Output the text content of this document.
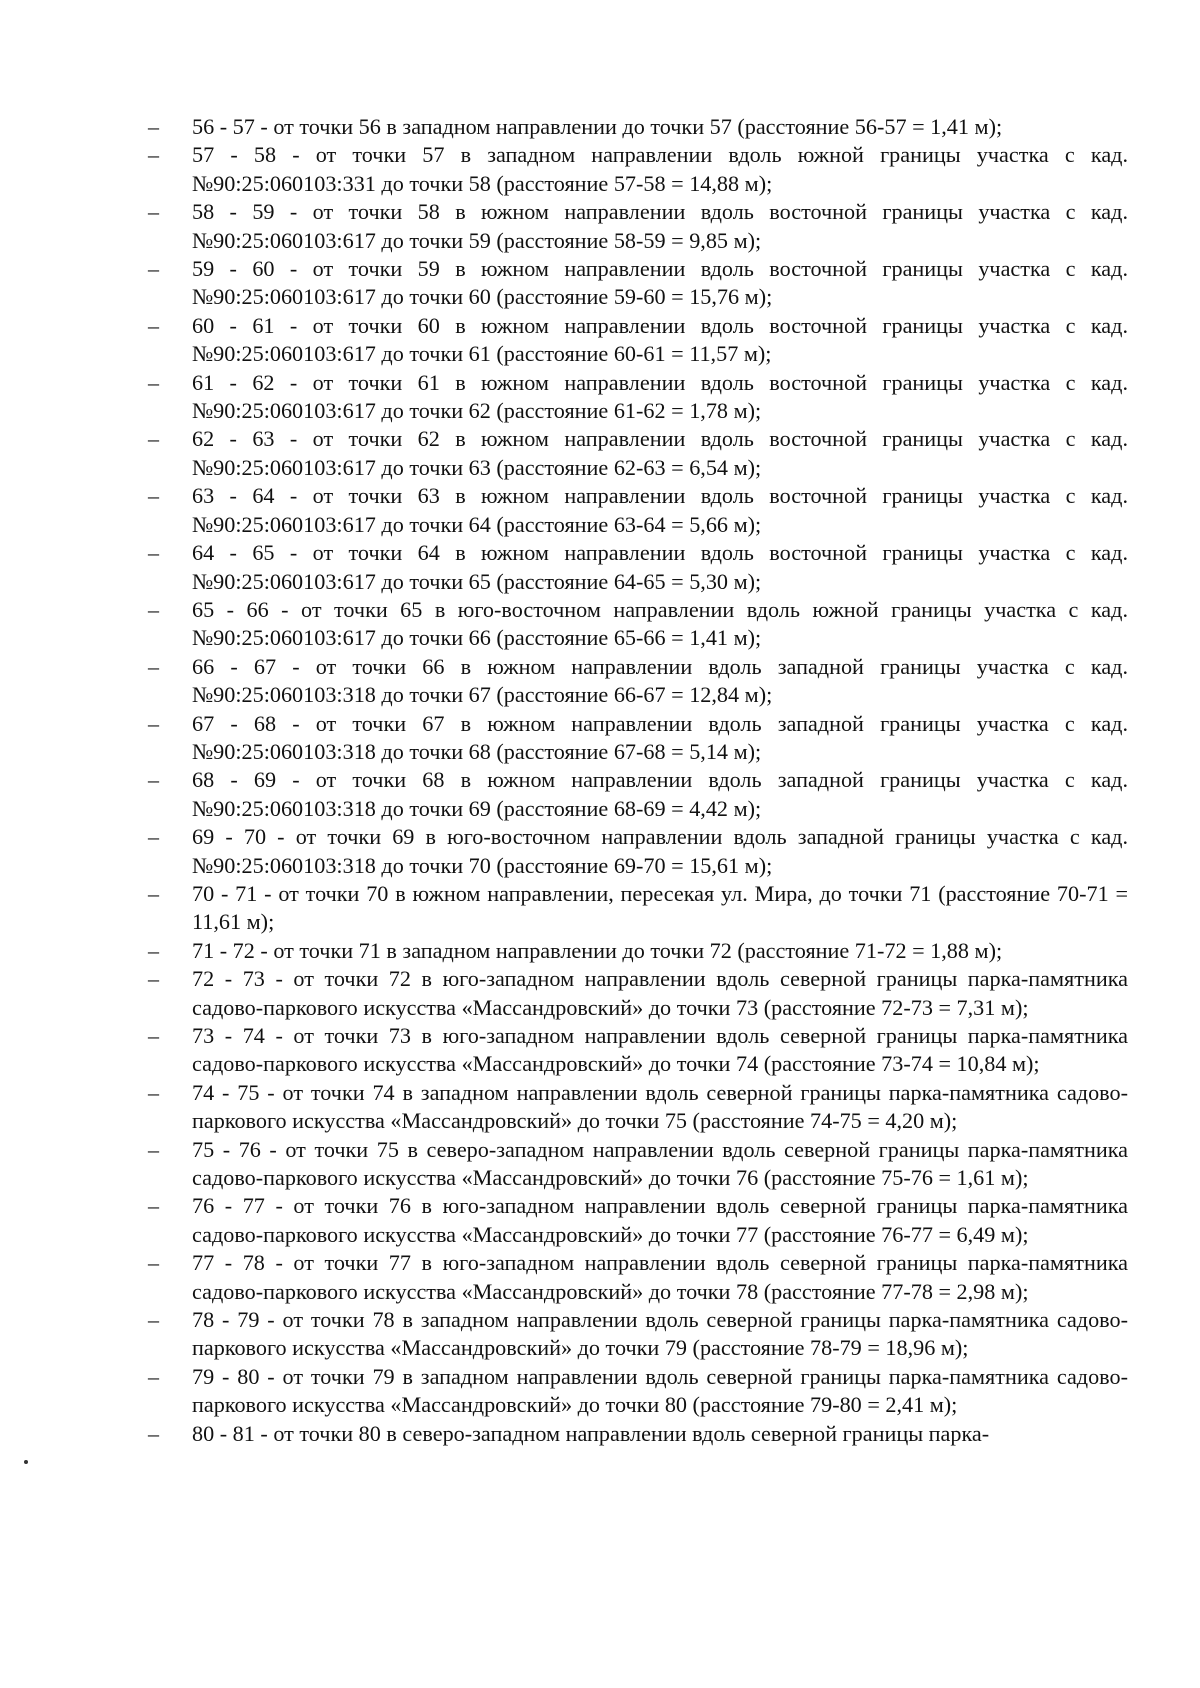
–	56 - 57 - от точки 56 в западном направлении до точки 57 (расстояние 56-57 = 1,41 м);
–	57 - 58 - от точки 57 в западном направлении вдоль южной границы участка с кад. №90:25:060103:331 до точки 58 (расстояние 57-58 = 14,88 м);
–	58 - 59 - от точки 58 в южном направлении вдоль восточной границы участка с кад. №90:25:060103:617 до точки 59 (расстояние 58-59 = 9,85 м);
–	59 - 60 - от точки 59 в южном направлении вдоль восточной границы участка с кад. №90:25:060103:617 до точки 60 (расстояние 59-60 = 15,76 м);
–	60 - 61 - от точки 60 в южном направлении вдоль восточной границы участка с кад. №90:25:060103:617 до точки 61 (расстояние 60-61 = 11,57 м);
–	61 - 62 - от точки 61 в южном направлении вдоль восточной границы участка с кад. №90:25:060103:617 до точки 62 (расстояние 61-62 = 1,78 м);
–	62 - 63 - от точки 62 в южном направлении вдоль восточной границы участка с кад. №90:25:060103:617 до точки 63 (расстояние 62-63 = 6,54 м);
–	63 - 64 - от точки 63 в южном направлении вдоль восточной границы участка с кад. №90:25:060103:617 до точки 64 (расстояние 63-64 = 5,66 м);
–	64 - 65 - от точки 64 в южном направлении вдоль восточной границы участка с кад. №90:25:060103:617 до точки 65 (расстояние 64-65 = 5,30 м);
–	65 - 66 - от точки 65 в юго-восточном направлении вдоль южной границы участка с кад. №90:25:060103:617 до точки 66 (расстояние 65-66 = 1,41 м);
–	66 - 67 - от точки 66 в южном направлении вдоль западной границы участка с кад. №90:25:060103:318 до точки 67 (расстояние 66-67 = 12,84 м);
–	67 - 68 - от точки 67 в южном направлении вдоль западной границы участка с кад. №90:25:060103:318 до точки 68 (расстояние 67-68 = 5,14 м);
–	68 - 69 - от точки 68 в южном направлении вдоль западной границы участка с кад. №90:25:060103:318 до точки 69 (расстояние 68-69 = 4,42 м);
–	69 - 70 - от точки 69 в юго-восточном направлении вдоль западной границы участка с кад. №90:25:060103:318 до точки 70 (расстояние 69-70 = 15,61 м);
–	70 - 71 - от точки 70 в южном направлении, пересекая ул. Мира, до точки 71 (расстояние 70-71 = 11,61 м);
–	71 - 72 - от точки 71 в западном направлении до точки 72 (расстояние 71-72 = 1,88 м);
–	72 - 73 - от точки 72 в юго-западном направлении вдоль северной границы парка-памятника садово-паркового искусства «Массандровский» до точки 73 (расстояние 72-73 = 7,31 м);
–	73 - 74 - от точки 73 в юго-западном направлении вдоль северной границы парка-памятника садово-паркового искусства «Массандровский» до точки 74 (расстояние 73-74 = 10,84 м);
–	74 - 75 - от точки 74 в западном направлении вдоль северной границы парка-памятника садово-паркового искусства «Массандровский» до точки 75 (расстояние 74-75 = 4,20 м);
–	75 - 76 - от точки 75 в северо-западном направлении вдоль северной границы парка-памятника садово-паркового искусства «Массандровский» до точки 76 (расстояние 75-76 = 1,61 м);
–	76 - 77 - от точки 76 в юго-западном направлении вдоль северной границы парка-памятника садово-паркового искусства «Массандровский» до точки 77 (расстояние 76-77 = 6,49 м);
–	77 - 78 - от точки 77 в юго-западном направлении вдоль северной границы парка-памятника садово-паркового искусства «Массандровский» до точки 78 (расстояние 77-78 = 2,98 м);
–	78 - 79 - от точки 78 в западном направлении вдоль северной границы парка-памятника садово-паркового искусства «Массандровский» до точки 79 (расстояние 78-79 = 18,96 м);
–	79 - 80 - от точки 79 в западном направлении вдоль северной границы парка-памятника садово-паркового искусства «Массандровский» до точки 80 (расстояние 79-80 = 2,41 м);
–	80 - 81 - от точки 80 в северо-западном направлении вдоль северной границы парка-
